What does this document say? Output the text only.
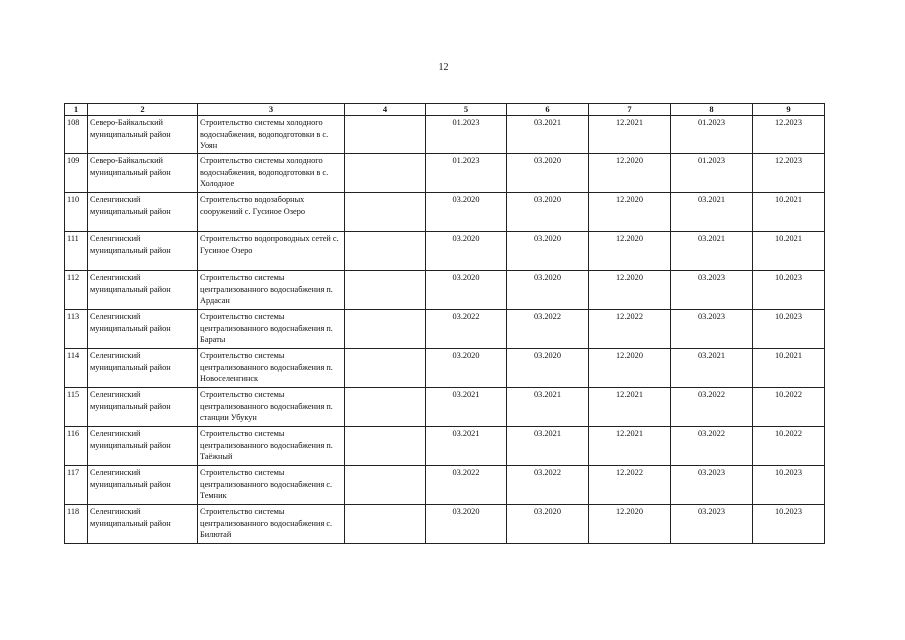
12
1	2	3	4	5	6	7	8	9
108	Северо-Байкальский муниципальный район	Строительство системы холодного водоснабжения, водоподготовки в с. Уоян		01.2023	03.2021	12.2021	01.2023	12.2023
109	Северо-Байкальский муниципальный район	Строительство системы холодного водоснабжения, водоподготовки в с. Холодное		01.2023	03.2020	12.2020	01.2023	12.2023
110	Селенгинский муниципальный район	Строительство водозаборных сооружений с. Гусиное Озеро		03.2020	03.2020	12.2020	03.2021	10.2021
111	Селенгинский муниципальный район	Строительство водопроводных сетей с. Гусиное Озеро		03.2020	03.2020	12.2020	03.2021	10.2021
112	Селенгинский муниципальный район	Строительство системы централизованного водоснабжения п. Ардасан		03.2020	03.2020	12.2020	03.2023	10.2023
113	Селенгинский муниципальный район	Строительство системы централизованного водоснабжения п. Бараты		03.2022	03.2022	12.2022	03.2023	10.2023
114	Селенгинский муниципальный район	Строительство системы централизованного водоснабжения п. Новоселенгинск		03.2020	03.2020	12.2020	03.2021	10.2021
115	Селенгинский муниципальный район	Строительство системы централизованного водоснабжения п. станции Убукун		03.2021	03.2021	12.2021	03.2022	10.2022
116	Селенгинский муниципальный район	Строительство системы централизованного водоснабжения п. Таёжный		03.2021	03.2021	12.2021	03.2022	10.2022
117	Селенгинский муниципальный район	Строительство системы централизованного водоснабжения с. Темник		03.2022	03.2022	12.2022	03.2023	10.2023
118	Селенгинский муниципальный район	Строительство системы централизованного водоснабжения с. Билютай		03.2020	03.2020	12.2020	03.2023	10.2023
